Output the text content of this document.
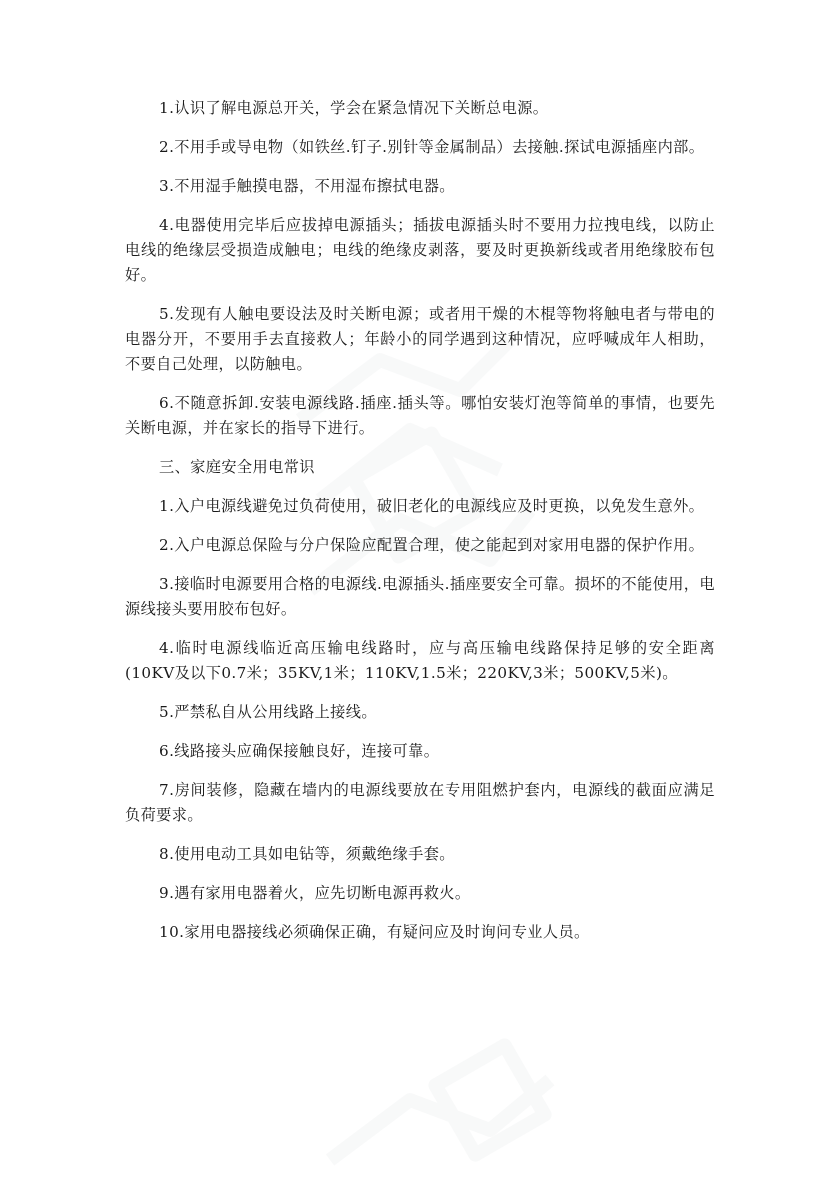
1.认识了解电源总开关，学会在紧急情况下关断总电源。

2.不用手或导电物（如铁丝.钉子.别针等金属制品）去接触.探试电源插座内部。

3.不用湿手触摸电器，不用湿布擦拭电器。

4.电器使用完毕后应拔掉电源插头；插拔电源插头时不要用力拉拽电线，以防止电线的绝缘层受损造成触电；电线的绝缘皮剥落，要及时更换新线或者用绝缘胶布包好。

5.发现有人触电要设法及时关断电源；或者用干燥的木棍等物将触电者与带电的电器分开，不要用手去直接救人；年龄小的同学遇到这种情况，应呼喊成年人相助，不要自己处理，以防触电。

6.不随意拆卸.安装电源线路.插座.插头等。哪怕安装灯泡等简单的事情，也要先关断电源，并在家长的指导下进行。

三、家庭安全用电常识

1.入户电源线避免过负荷使用，破旧老化的电源线应及时更换，以免发生意外。

2.入户电源总保险与分户保险应配置合理，使之能起到对家用电器的保护作用。

3.接临时电源要用合格的电源线.电源插头.插座要安全可靠。损坏的不能使用，电源线接头要用胶布包好。

4.临时电源线临近高压输电线路时，应与高压输电线路保持足够的安全距离(10KV及以下0.7米；35KV,1米；110KV,1.5米；220KV,3米；500KV,5米)。

5.严禁私自从公用线路上接线。

6.线路接头应确保接触良好，连接可靠。

7.房间装修，隐藏在墙内的电源线要放在专用阻燃护套内，电源线的截面应满足负荷要求。

8.使用电动工具如电钻等，须戴绝缘手套。

9.遇有家用电器着火，应先切断电源再救火。

10.家用电器接线必须确保正确，有疑问应及时询问专业人员。
